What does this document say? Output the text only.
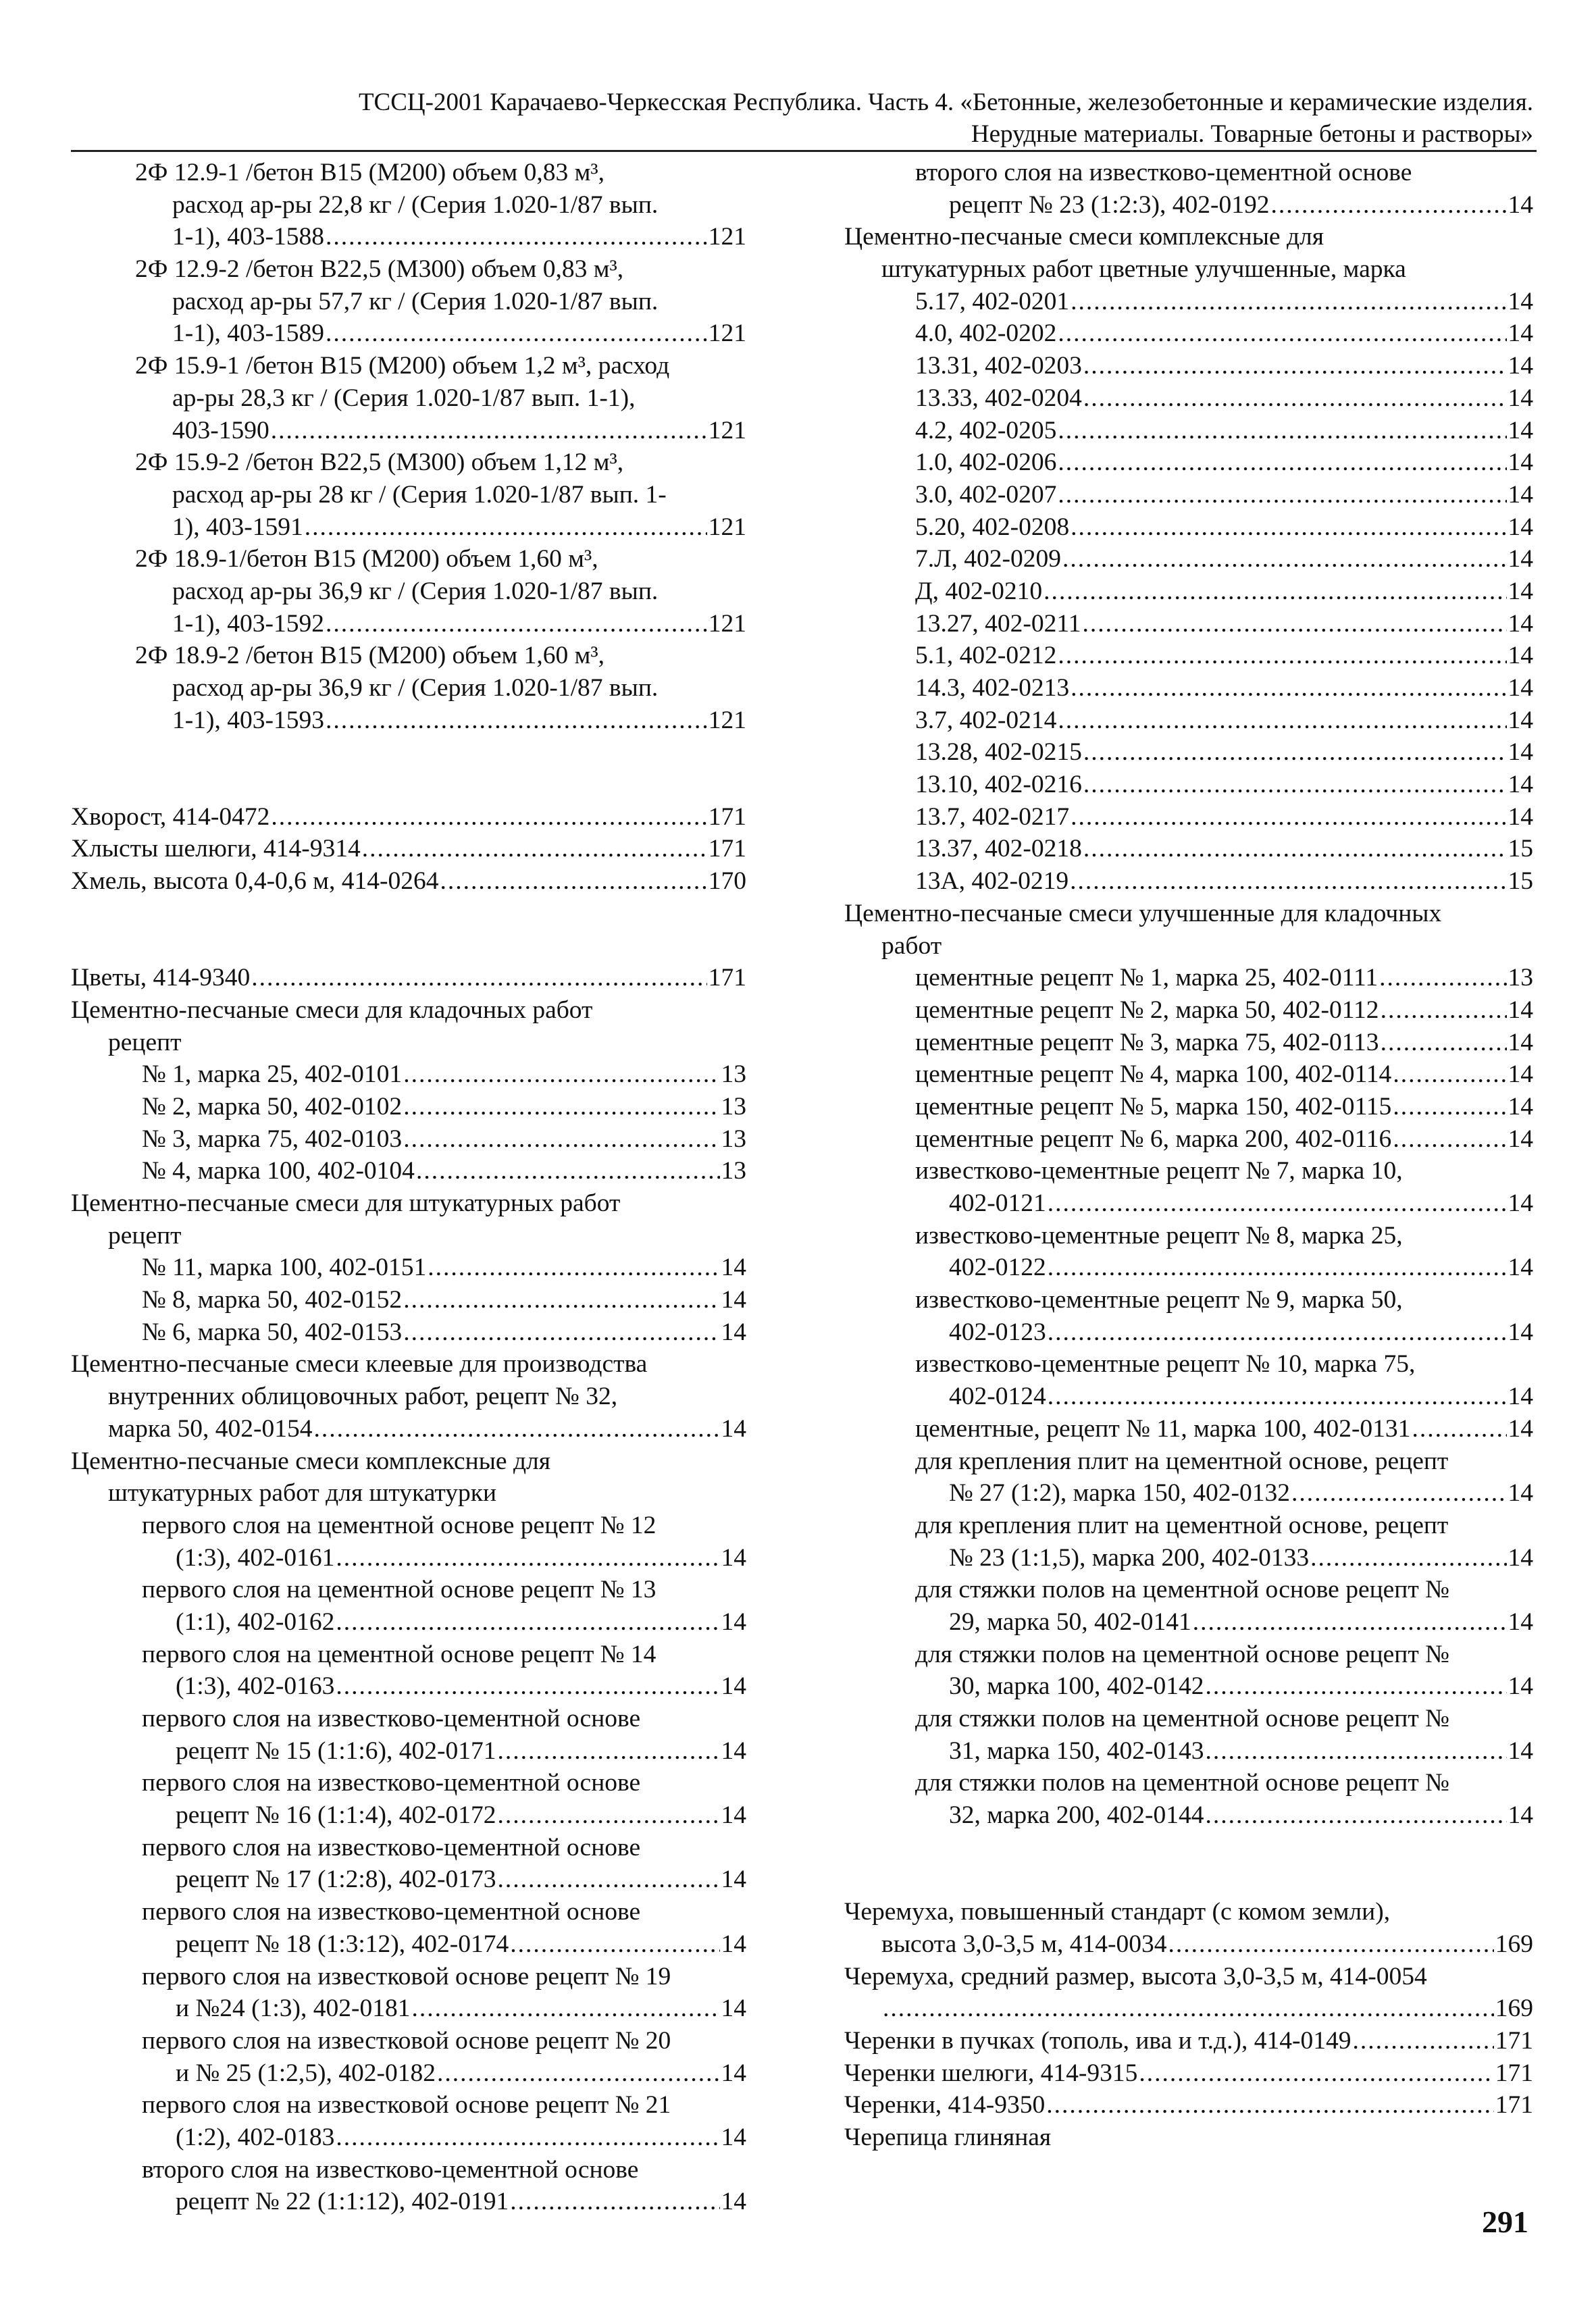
ТССЦ-2001 Карачаево-Черкесская Республика. Часть 4. «Бетонные, железобетонные и керамические изделия.
Нерудные материалы. Товарные бетоны и растворы»
2Ф 12.9-1 /бетон В15 (М200) объем 0,83 м³,
расход ар-ры 22,8 кг / (Серия 1.020-1/87 вып.
1-1), 403-1588 .....	121
2Ф 12.9-2 /бетон В22,5 (М300) объем 0,83 м³,
расход ар-ры 57,7 кг / (Серия 1.020-1/87 вып.
1-1), 403-1589 .....	121
2Ф 15.9-1 /бетон В15 (М200) объем 1,2 м³, расход
ар-ры 28,3 кг / (Серия 1.020-1/87 вып. 1-1),
403-1590 .....	121
2Ф 15.9-2 /бетон В22,5 (М300) объем 1,12 м³,
расход ар-ры 28 кг / (Серия 1.020-1/87 вып. 1-
1), 403-1591 .....	121
2Ф 18.9-1/бетон В15 (М200) объем 1,60 м³,
расход ар-ры 36,9 кг / (Серия 1.020-1/87 вып.
1-1), 403-1592 .....	121
2Ф 18.9-2 /бетон В15 (М200) объем 1,60 м³,
расход ар-ры 36,9 кг / (Серия 1.020-1/87 вып.
1-1), 403-1593 .....	121
Хворост, 414-0472 .....	171
Хлысты шелюги, 414-9314 .....	171
Хмель, высота 0,4-0,6 м, 414-0264 .....	170
Цветы, 414-9340 .....	171
Цементно-песчаные смеси для кладочных работ
рецепт
№ 1, марка 25, 402-0101 .....	13
№ 2, марка 50, 402-0102 .....	13
№ 3, марка 75, 402-0103 .....	13
№ 4, марка 100, 402-0104 .....	13
Цементно-песчаные смеси для штукатурных работ
рецепт
№ 11, марка 100, 402-0151 .....	14
№ 8, марка 50, 402-0152 .....	14
№ 6, марка 50, 402-0153 .....	14
Цементно-песчаные смеси клеевые для производства
внутренних облицовочных работ, рецепт № 32,
марка 50, 402-0154 .....	14
Цементно-песчаные смеси комплексные для
штукатурных работ для штукатурки
первого слоя на цементной основе рецепт № 12
(1:3), 402-0161 .....	14
первого слоя на цементной основе рецепт № 13
(1:1), 402-0162 .....	14
первого слоя на цементной основе рецепт № 14
(1:3), 402-0163 .....	14
первого слоя на известково-цементной основе
рецепт № 15 (1:1:6), 402-0171 .....	14
первого слоя на известково-цементной основе
рецепт № 16 (1:1:4), 402-0172 .....	14
первого слоя на известково-цементной основе
рецепт № 17 (1:2:8), 402-0173 .....	14
первого слоя на известково-цементной основе
рецепт № 18 (1:3:12), 402-0174 .....	14
первого слоя на известковой основе рецепт № 19
и №24 (1:3), 402-0181 .....	14
первого слоя на известковой основе рецепт № 20
и № 25 (1:2,5), 402-0182 .....	14
первого слоя на известковой основе рецепт № 21
(1:2), 402-0183 .....	14
второго слоя на известково-цементной основе
рецепт № 22 (1:1:12), 402-0191 .....	14
второго слоя на известково-цементной основе
рецепт № 23 (1:2:3), 402-0192 .....	14
Цементно-песчаные смеси комплексные для
штукатурных работ цветные улучшенные, марка
5.17, 402-0201 .....	14
4.0, 402-0202 .....	14
13.31, 402-0203 .....	14
13.33, 402-0204 .....	14
4.2, 402-0205 .....	14
1.0, 402-0206 .....	14
3.0, 402-0207 .....	14
5.20, 402-0208 .....	14
7.Л, 402-0209 .....	14
Д, 402-0210 .....	14
13.27, 402-0211 .....	14
5.1, 402-0212 .....	14
14.3, 402-0213 .....	14
3.7, 402-0214 .....	14
13.28, 402-0215 .....	14
13.10, 402-0216 .....	14
13.7, 402-0217 .....	14
13.37, 402-0218 .....	15
13А, 402-0219 .....	15
Цементно-песчаные смеси улучшенные для кладочных
работ
цементные рецепт № 1, марка 25, 402-0111 .....	13
цементные рецепт № 2, марка 50, 402-0112 .....	14
цементные рецепт № 3, марка 75, 402-0113 .....	14
цементные рецепт № 4, марка 100, 402-0114 .....	14
цементные рецепт № 5, марка 150, 402-0115 .....	14
цементные рецепт № 6, марка 200, 402-0116 .....	14
известково-цементные рецепт № 7, марка 10,
402-0121 .....	14
известково-цементные рецепт № 8, марка 25,
402-0122 .....	14
известково-цементные рецепт № 9, марка 50,
402-0123 .....	14
известково-цементные рецепт № 10, марка 75,
402-0124 .....	14
цементные, рецепт № 11, марка 100, 402-0131 .....	14
для крепления плит на цементной основе, рецепт
№ 27 (1:2), марка 150, 402-0132 .....	14
для крепления плит на цементной основе, рецепт
№ 23 (1:1,5), марка 200, 402-0133 .....	14
для стяжки полов на цементной основе рецепт №
29, марка 50, 402-0141 .....	14
для стяжки полов на цементной основе рецепт №
30, марка 100, 402-0142 .....	14
для стяжки полов на цементной основе рецепт №
31, марка 150, 402-0143 .....	14
для стяжки полов на цементной основе рецепт №
32, марка 200, 402-0144 .....	14
Черемуха, повышенный стандарт (с комом земли),
высота 3,0-3,5 м, 414-0034 .....	169
Черемуха, средний размер, высота 3,0-3,5 м, 414-0054
.....
169
Черенки в пучках (тополь, ива и т.д.), 414-0149 .....	171
Черенки шелюги, 414-9315 .....	171
Черенки, 414-9350 .....	171
Черепица глиняная
291
